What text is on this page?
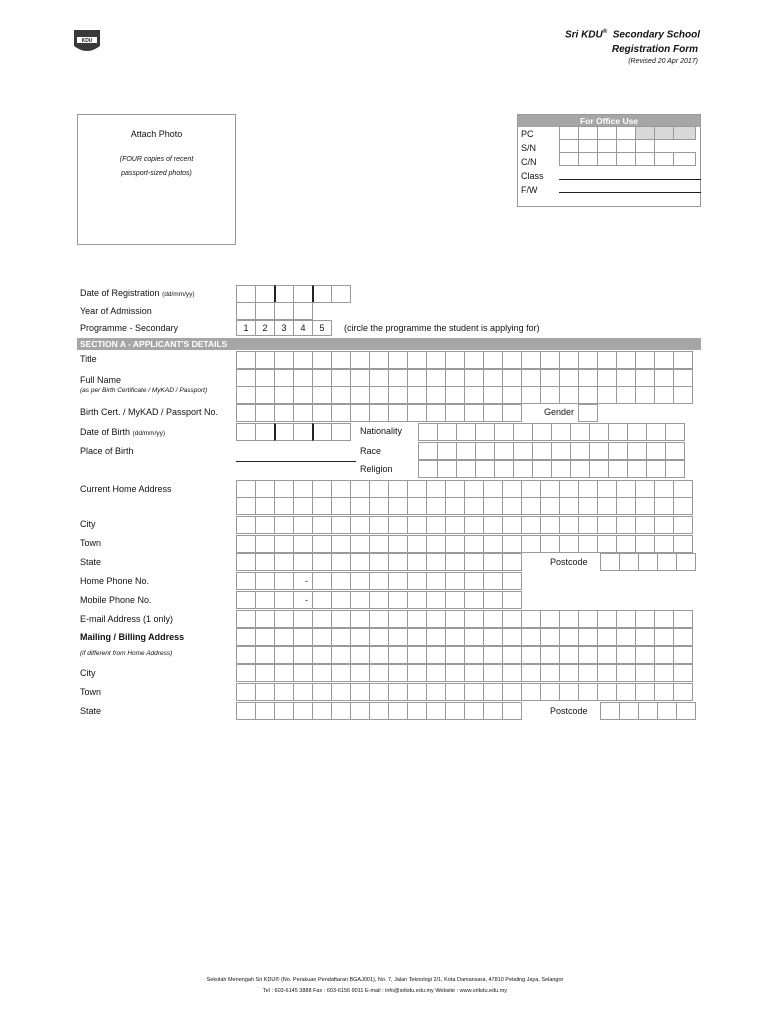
KDU
Sri KDU® Secondary School
Registration Form
(Revised 20 Apr 2017)
Attach Photo
(FOUR copies of recent
passport-sized photos)
For Office Use
PC
S/N
C/N
Class
F/W
Date of Registration (dd/mm/yy)
Year of Admission
Programme - Secondary	1	2	3	4	5	(circle the programme the student is applying for)
SECTION A - APPLICANT'S DETAILS
Title
Full Name
(as per Birth Certificate / MyKAD / Passport)
Birth Cert. / MyKAD / Passport No.	Gender
Date of Birth (dd/mm/yy)	Nationality
Place of Birth	Race
Religion
Current Home Address
City
Town
State	Postcode
Home Phone No.	-
Mobile Phone No.	-
E-mail Address (1 only)
Mailing / Billing Address
(if different from Home Address)
City
Town
State	Postcode
Sekolah Menengah Sri KDU® (No. Perakuan Pendaftaran BGAJ001), No. 7, Jalan Teknologi 2/1, Kota Damansara, 47810 Petaling Jaya, Selangor
Tel : 603-6145 3888 Fax : 603-6156 9011 E-mail : info@srikdu.edu.my Website : www.srikdu.edu.my
